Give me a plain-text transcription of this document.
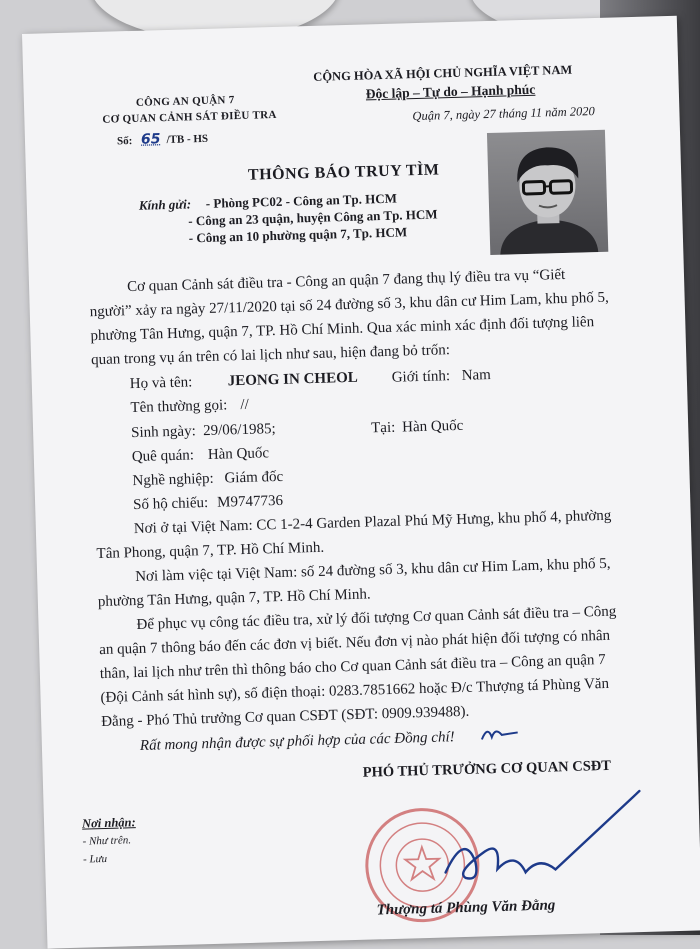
CÔNG AN QUẬN 7
CƠ QUAN CẢNH SÁT ĐIỀU TRA
Số: 65 /TB - HS
CỘNG HÒA XÃ HỘI CHỦ NGHĨA VIỆT NAM
Độc lập – Tự do – Hạnh phúc
Quận 7, ngày 27 tháng 11 năm 2020
THÔNG BÁO TRUY TÌM
Kính gửi: - Phòng PC02 - Công an Tp. HCM
- Công an 23 quận, huyện Công an Tp. HCM
- Công an 10 phường quận 7, Tp. HCM
Cơ quan Cảnh sát điều tra - Công an quận 7 đang thụ lý điều tra vụ “Giết
người” xảy ra ngày 27/11/2020 tại số 24 đường số 3, khu dân cư Him Lam, khu phố 5,
phường Tân Hưng, quận 7, TP. Hồ Chí Minh. Qua xác minh xác định đối tượng liên
quan trong vụ án trên có lai lịch như sau, hiện đang bỏ trốn:
Họ và tên: JEONG IN CHEOL Giới tính: Nam
Tên thường gọi: //
Sinh ngày: 29/06/1985;	Tại: Hàn Quốc
Quê quán: Hàn Quốc
Nghề nghiệp: Giám đốc
Số hộ chiếu: M9747736
Nơi ở tại Việt Nam: CC 1-2-4 Garden Plazal Phú Mỹ Hưng, khu phố 4, phường
Tân Phong, quận 7, TP. Hồ Chí Minh.
Nơi làm việc tại Việt Nam: số 24 đường số 3, khu dân cư Him Lam, khu phố 5,
phường Tân Hưng, quận 7, TP. Hồ Chí Minh.
Để phục vụ công tác điều tra, xử lý đối tượng Cơ quan Cảnh sát điều tra – Công
an quận 7 thông báo đến các đơn vị biết. Nếu đơn vị nào phát hiện đối tượng có nhân
thân, lai lịch như trên thì thông báo cho Cơ quan Cảnh sát điều tra – Công an quận 7
(Đội Cảnh sát hình sự), số điện thoại: 0283.7851662 hoặc Đ/c Thượng tá Phùng Văn
Đằng - Phó Thủ trưởng Cơ quan CSĐT (SĐT: 0909.939488).
Rất mong nhận được sự phối hợp của các Đồng chí!
PHÓ THỦ TRƯỞNG CƠ QUAN CSĐT
Nơi nhận:
- Như trên.
- Lưu
Thượng tá Phùng Văn Đằng
